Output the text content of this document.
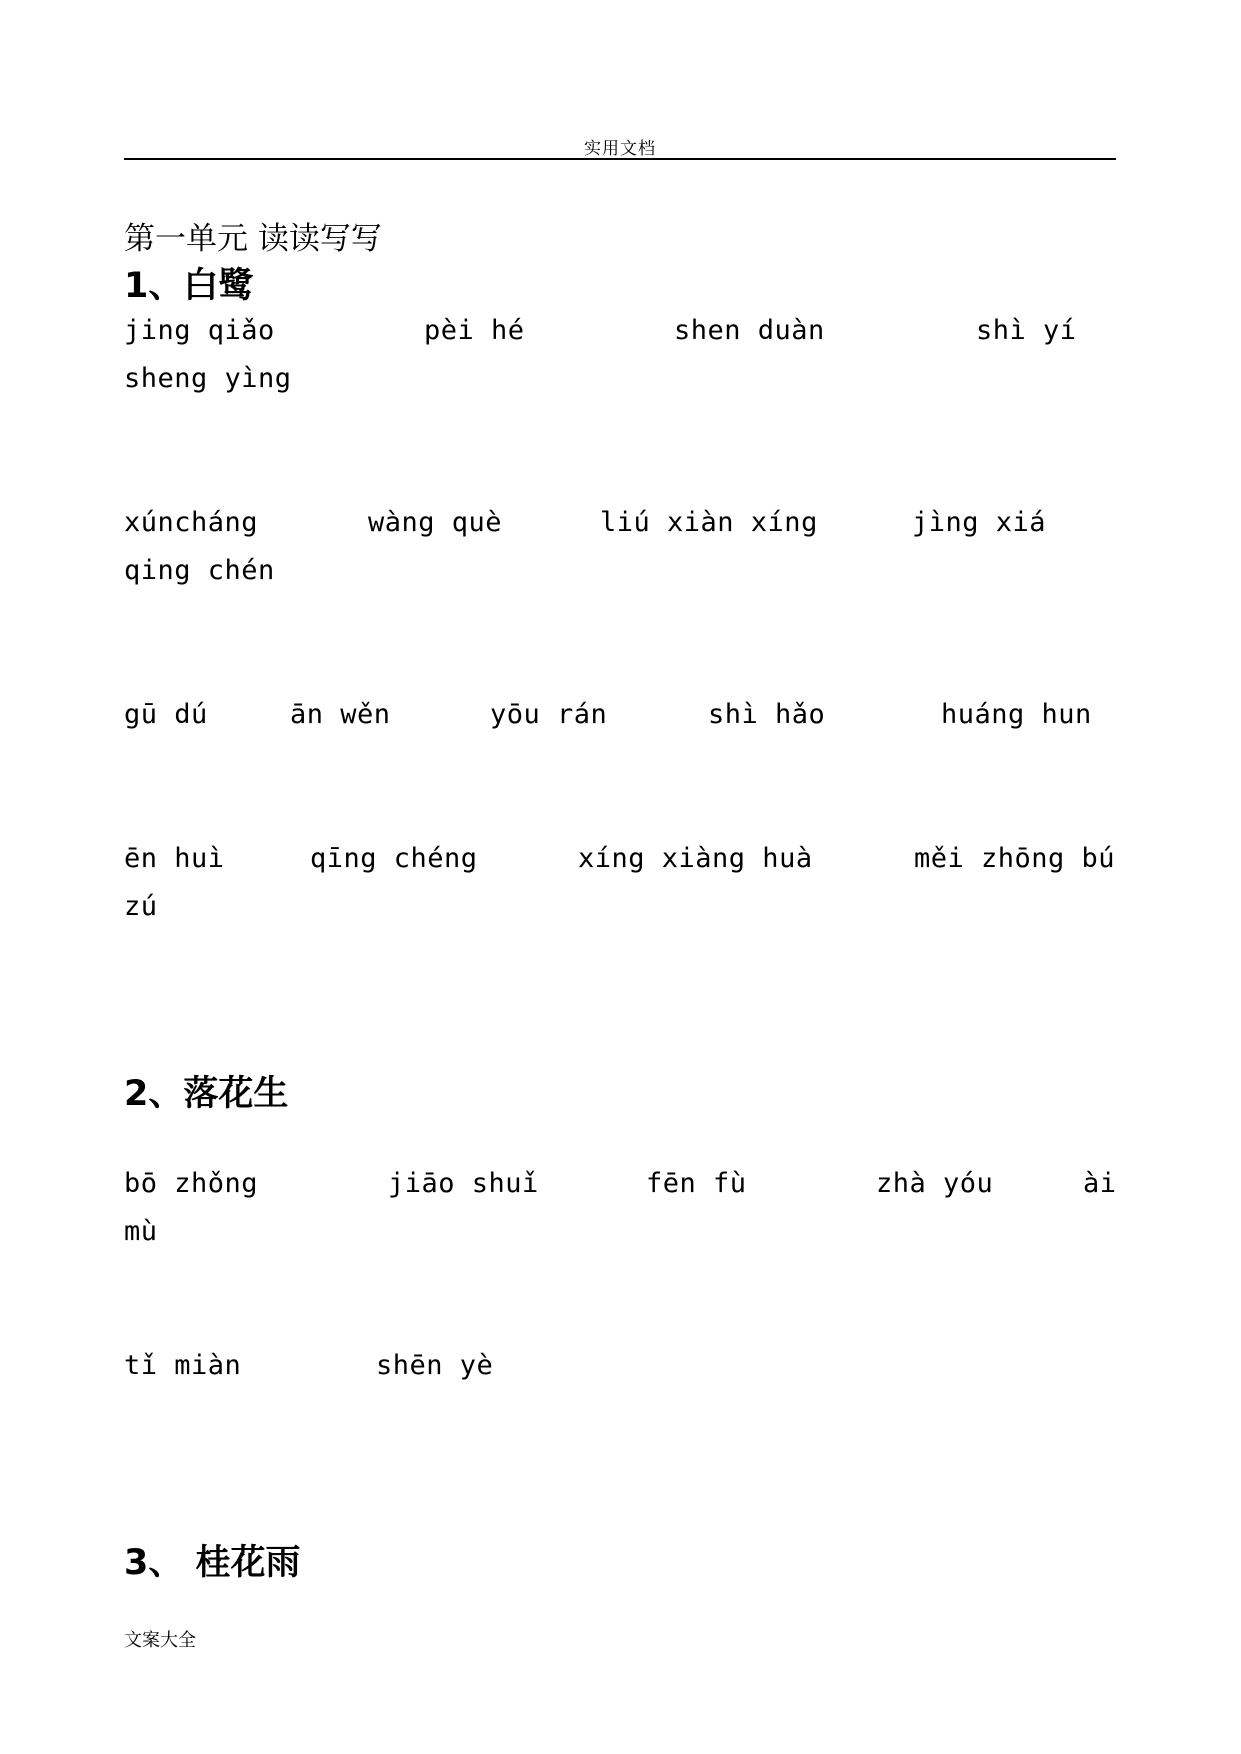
实用文档
第一单元 读读写写
1、白鹭
jing qiǎo	pèi hé	shen duàn	shì yí
sheng yìng
xúncháng	wàng què	liú xiàn xíng	jìng xiá
qing chén
gū dú	ān wěn	yōu rán	shì hǎo	huáng hun
ēn huì	qīng chéng	xíng xiàng huà	měi zhōng bú
zú
2、落花生
bō zhǒng	jiāo shuǐ	fēn fù	zhà yóu	ài
mù
tǐ miàn	shēn yè
3、 桂花雨
文案大全
